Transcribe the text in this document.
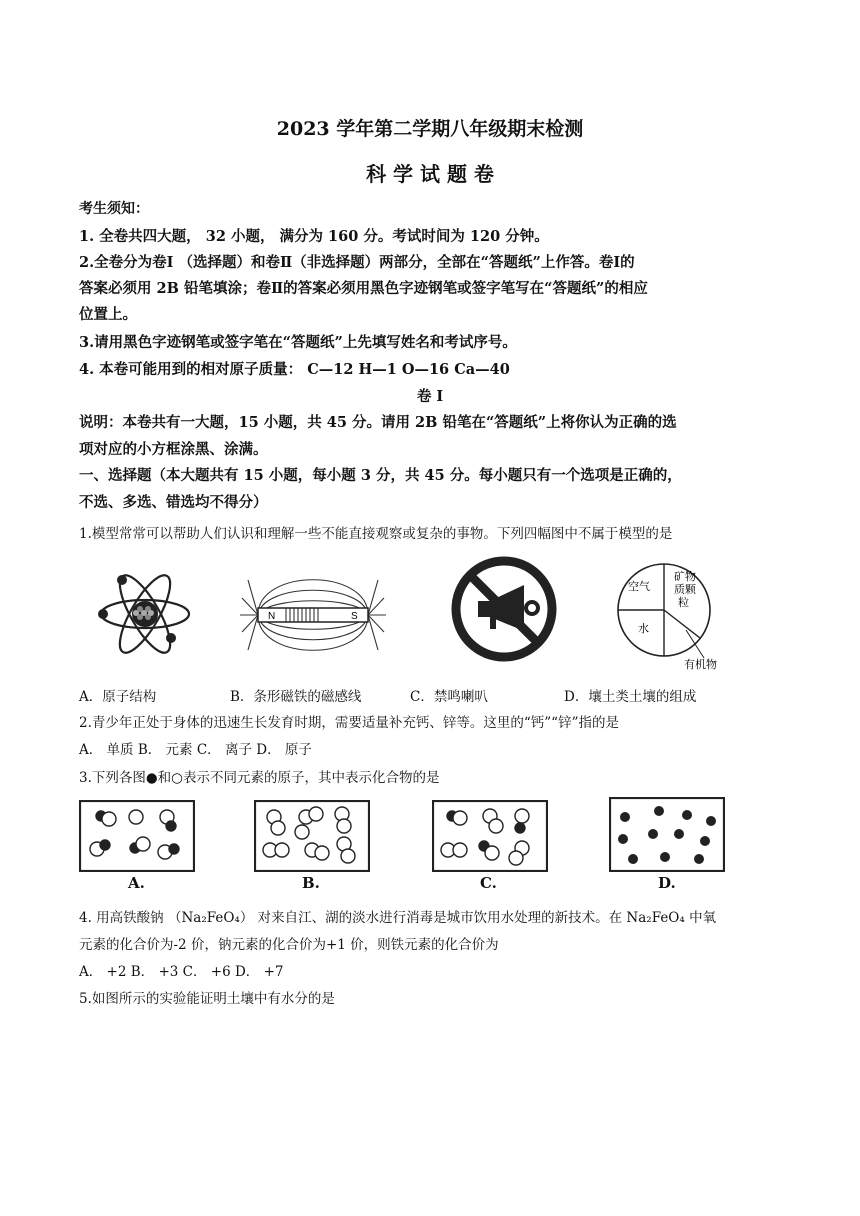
2023 学年第二学期八年级期末检测
科 学 试 题 卷
考生须知：
1. 全卷共四大题， 32 小题， 满分为 160 分。考试时间为 120 分钟。
2.全卷分为卷Ⅰ （选择题）和卷Ⅱ（非选择题）两部分，全部在“答题纸”上作答。卷Ⅰ的
答案必须用 2B 铅笔填涂；卷Ⅱ的答案必须用黑色字迹钢笔或签字笔写在“答题纸”的相应
位置上。
3.请用黑色字迹钢笔或签字笔在“答题纸”上先填写姓名和考试序号。
4. 本卷可能用到的相对原子质量： C—12 H—1 O—16 Ca—40
卷 Ⅰ
说明：本卷共有一大题，15 小题，共 45 分。请用 2B 铅笔在“答题纸”上将你认为正确的选
项对应的小方框涂黑、涂满。
一、选择题（本大题共有 15 小题，每小题 3 分，共 45 分。每小题只有一个选项是正确的，
不选、多选、错选均不得分）
1.模型常常可以帮助人们认识和理解一些不能直接观察或复杂的事物。下列四幅图中不属于模型的是
N	S
空气
矿物
质颗
粒
水
有机物
A．原子结构	B．条形磁铁的磁感线	C．禁鸣喇叭	D．壤土类土壤的组成
2.青少年正处于身体的迅速生长发育时期，需要适量补充钙、锌等。这里的“钙”“锌”指的是
A． 单质 B． 元素 C． 离子 D． 原子
3.下列各图●和○表示不同元素的原子，其中表示化合物的是
A.	B.	C.	D.
4. 用高铁酸钠 （Na₂FeO₄） 对来自江、湖的淡水进行消毒是城市饮用水处理的新技术。在 Na₂FeO₄ 中氧
元素的化合价为-2 价，钠元素的化合价为+1 价，则铁元素的化合价为
A． +2 B． +3 C． +6 D． +7
5.如图所示的实验能证明土壤中有水分的是
